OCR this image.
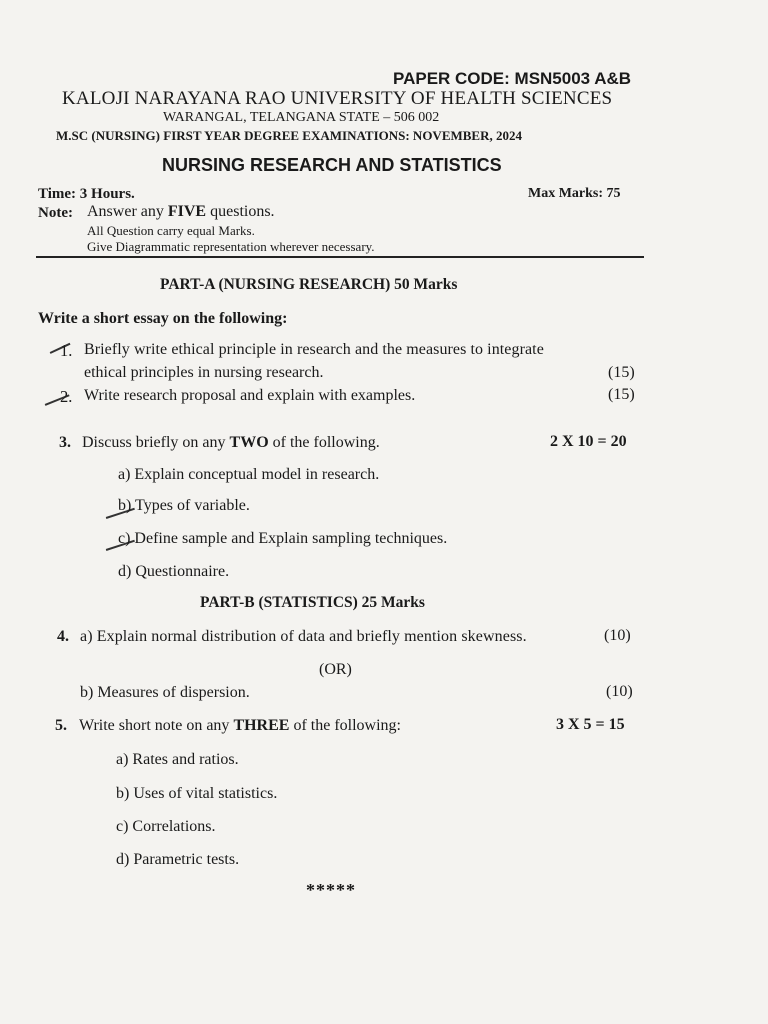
PAPER CODE: MSN5003 A&B
KALOJI NARAYANA RAO UNIVERSITY OF HEALTH SCIENCES
WARANGAL, TELANGANA STATE – 506 002
M.SC (NURSING) FIRST YEAR DEGREE EXAMINATIONS: NOVEMBER, 2024
NURSING RESEARCH AND STATISTICS
Time: 3 Hours.	Max Marks: 75
Note: Answer any FIVE questions.
All Question carry equal Marks.
Give Diagrammatic representation wherever necessary.
PART-A (NURSING RESEARCH) 50 Marks
Write a short essay on the following:
1. Briefly write ethical principle in research and the measures to integrate
ethical principles in nursing research.	(15)
2. Write research proposal and explain with examples.	(15)
3. Discuss briefly on any TWO of the following.	2 X 10 = 20
a) Explain conceptual model in research.
b) Types of variable.
c) Define sample and Explain sampling techniques.
d) Questionnaire.
PART-B (STATISTICS) 25 Marks
4. a) Explain normal distribution of data and briefly mention skewness.	(10)
(OR)
b) Measures of dispersion.	(10)
5. Write short note on any THREE of the following:	3 X 5 = 15
a) Rates and ratios.
b) Uses of vital statistics.
c) Correlations.
d) Parametric tests.
*****
